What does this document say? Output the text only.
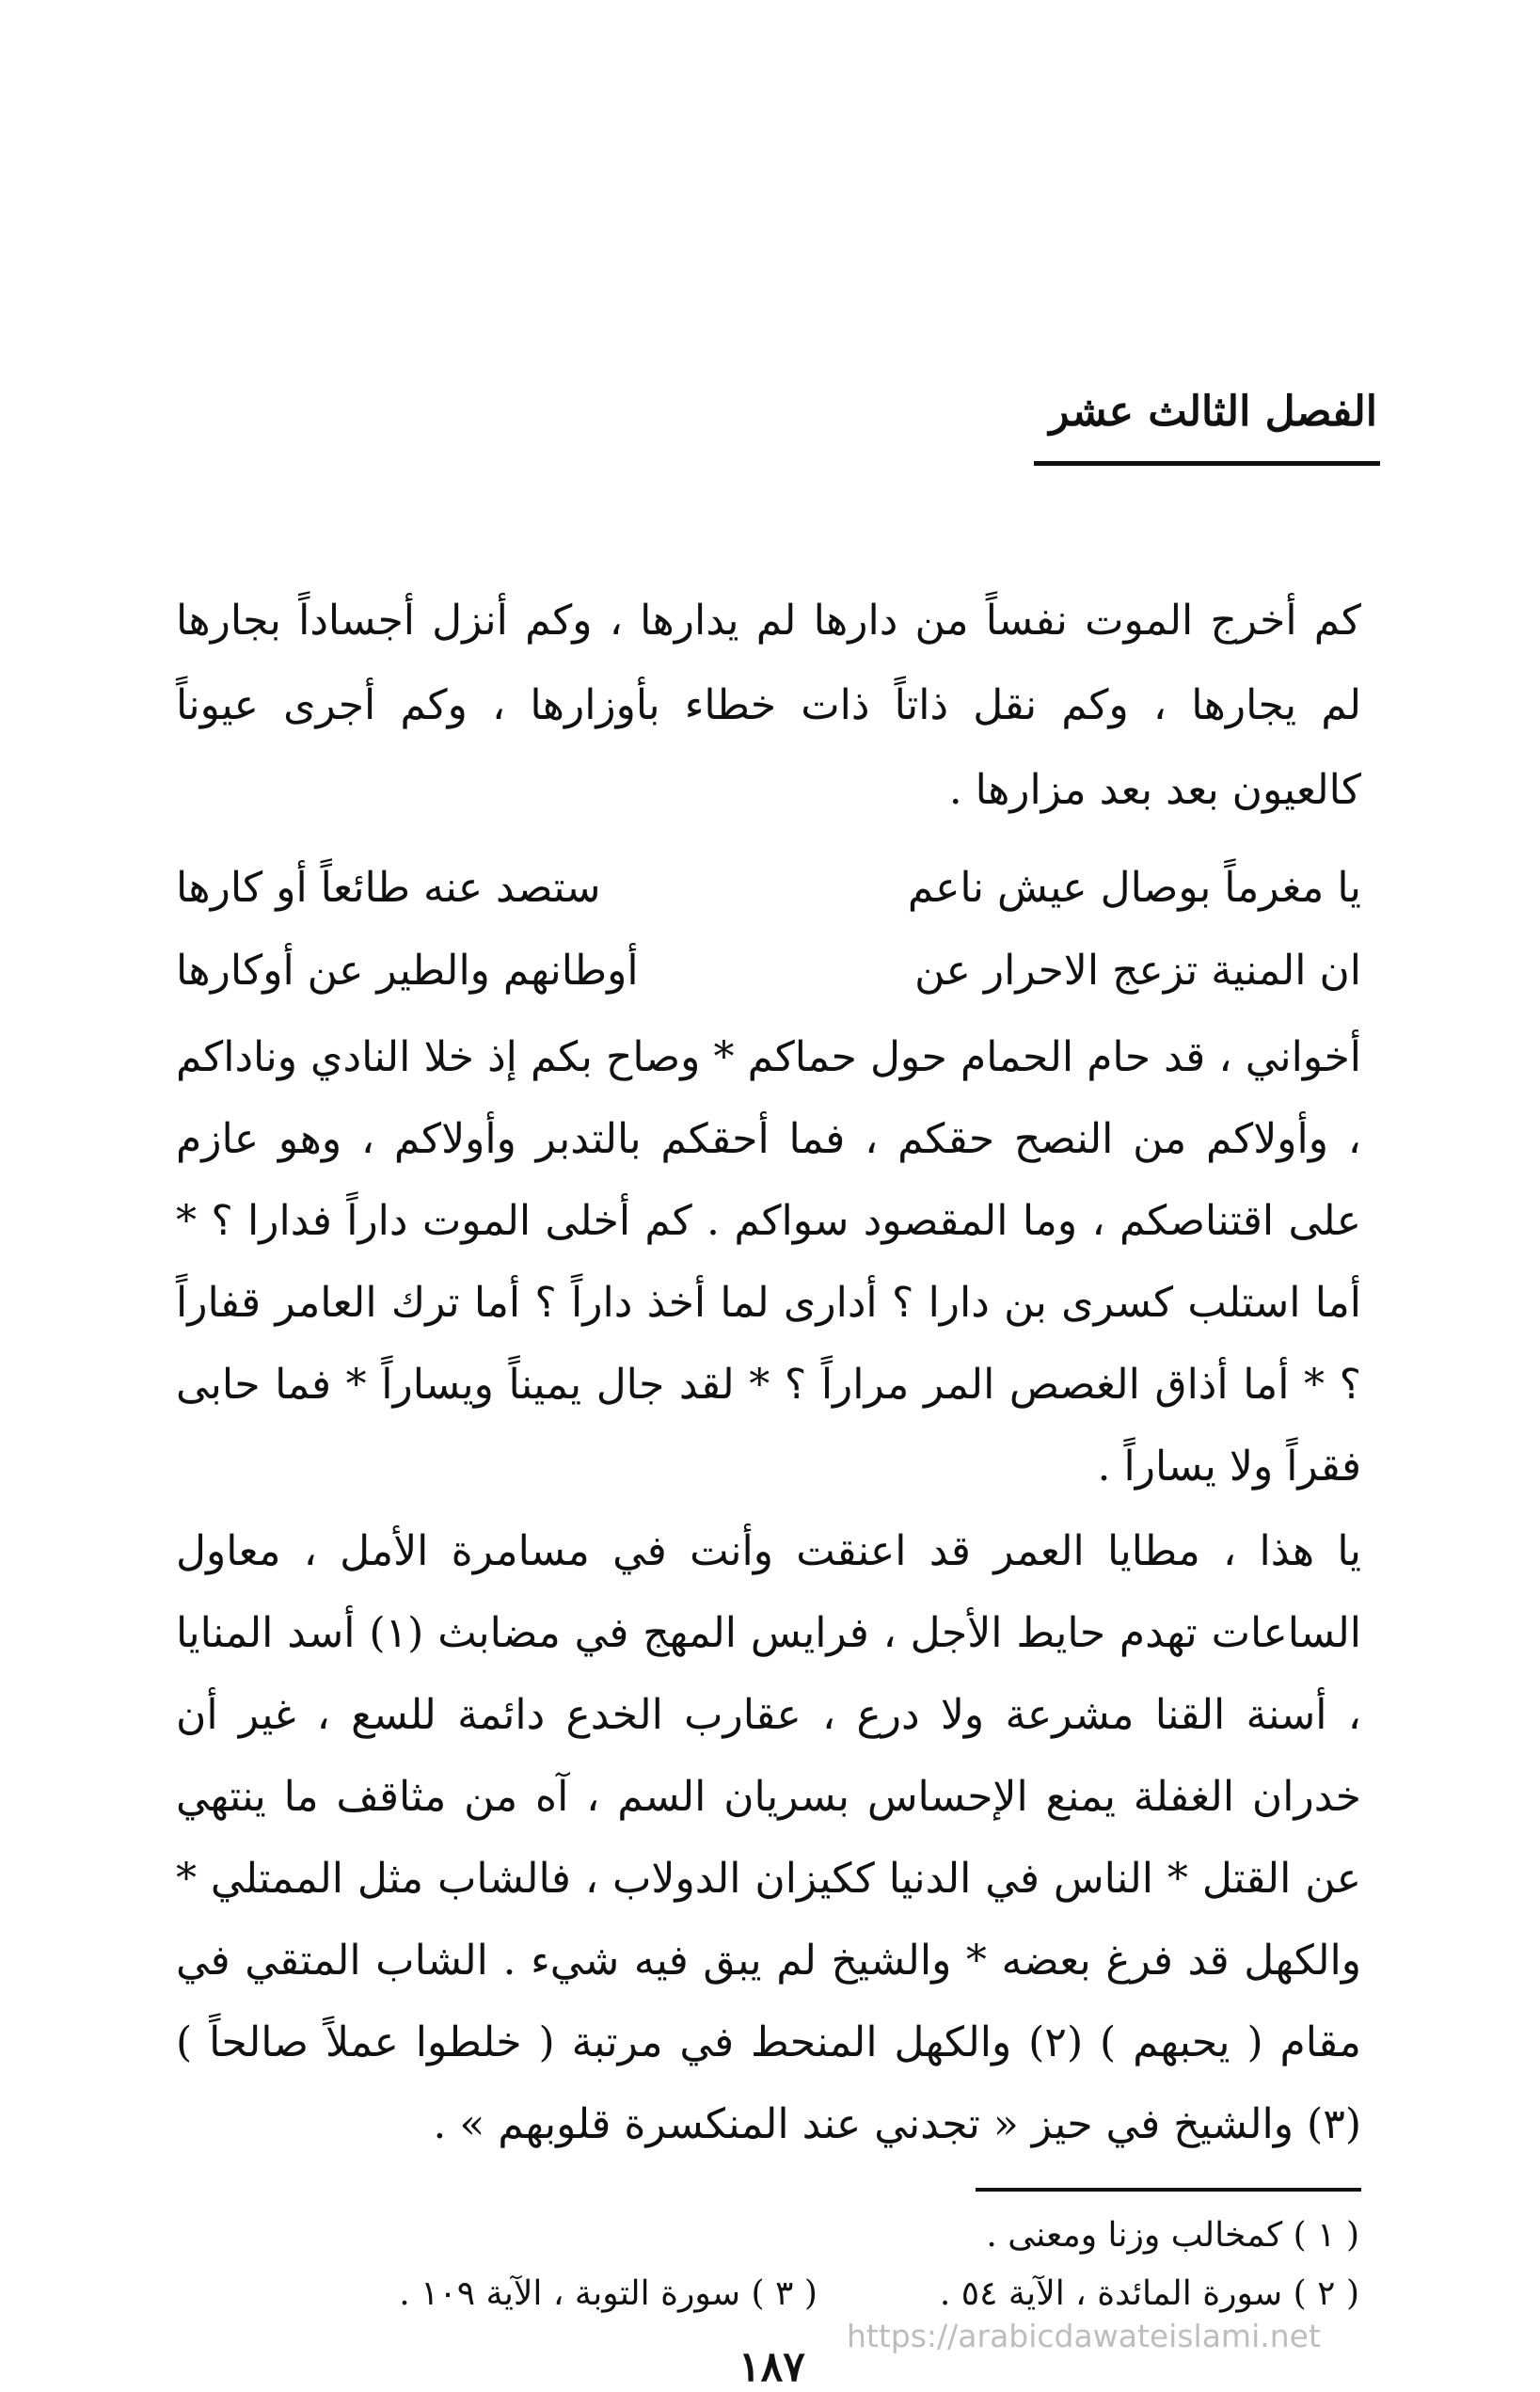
الفصل الثالث عشر
كم أخرج الموت نفساً من دارها لم يدارها ، وكم أنزل أجساداً بجارها لم يجارها ، وكم نقل ذاتاً ذات خطاء بأوزارها ، وكم أجرى عيوناً كالعيون بعد بعد مزارها .
يا مغرماً بوصال عيش ناعم
ستصد عنه طائعاً أو كارها
ان المنية تزعج الاحرار عن
أوطانهم والطير عن أوكارها
أخواني ، قد حام الحمام حول حماكم * وصاح بكم إذ خلا النادي وناداكم ، وأولاكم من النصح حقكم ، فما أحقكم بالتدبر وأولاكم ، وهو عازم على اقتناصكم ، وما المقصود سواكم . كم أخلى الموت داراً فدارا ؟ * أما استلب كسرى بن دارا ؟ أدارى لما أخذ داراً ؟ أما ترك العامر قفاراً ؟ * أما أذاق الغصص المر مراراً ؟ * لقد جال يميناً ويساراً * فما حابى فقراً ولا يساراً .
يا هذا ، مطايا العمر قد اعنقت وأنت في مسامرة الأمل ، معاول الساعات تهدم حايط الأجل ، فرايس المهج في مضابث (١) أسد المنايا ، أسنة القنا مشرعة ولا درع ، عقارب الخدع دائمة للسع ، غير أن خدران الغفلة يمنع الإحساس بسريان السم ، آه من مثاقف ما ينتهي عن القتل * الناس في الدنيا ككيزان الدولاب ، فالشاب مثل الممتلي * والكهل قد فرغ بعضه * والشيخ لم يبق فيه شيء . الشاب المتقي في مقام ( يحبهم ) (٢) والكهل المنحط في مرتبة ( خلطوا عملاً صالحاً ) (٣) والشيخ في حيز « تجدني عند المنكسرة قلوبهم » .
( ١ ) كمخالب وزنا ومعنى .
( ٢ ) سورة المائدة ، الآية ٥٤ .
( ٣ ) سورة التوبة ، الآية ١٠٩ .
https://arabicdawateislami.net
١٨٧
